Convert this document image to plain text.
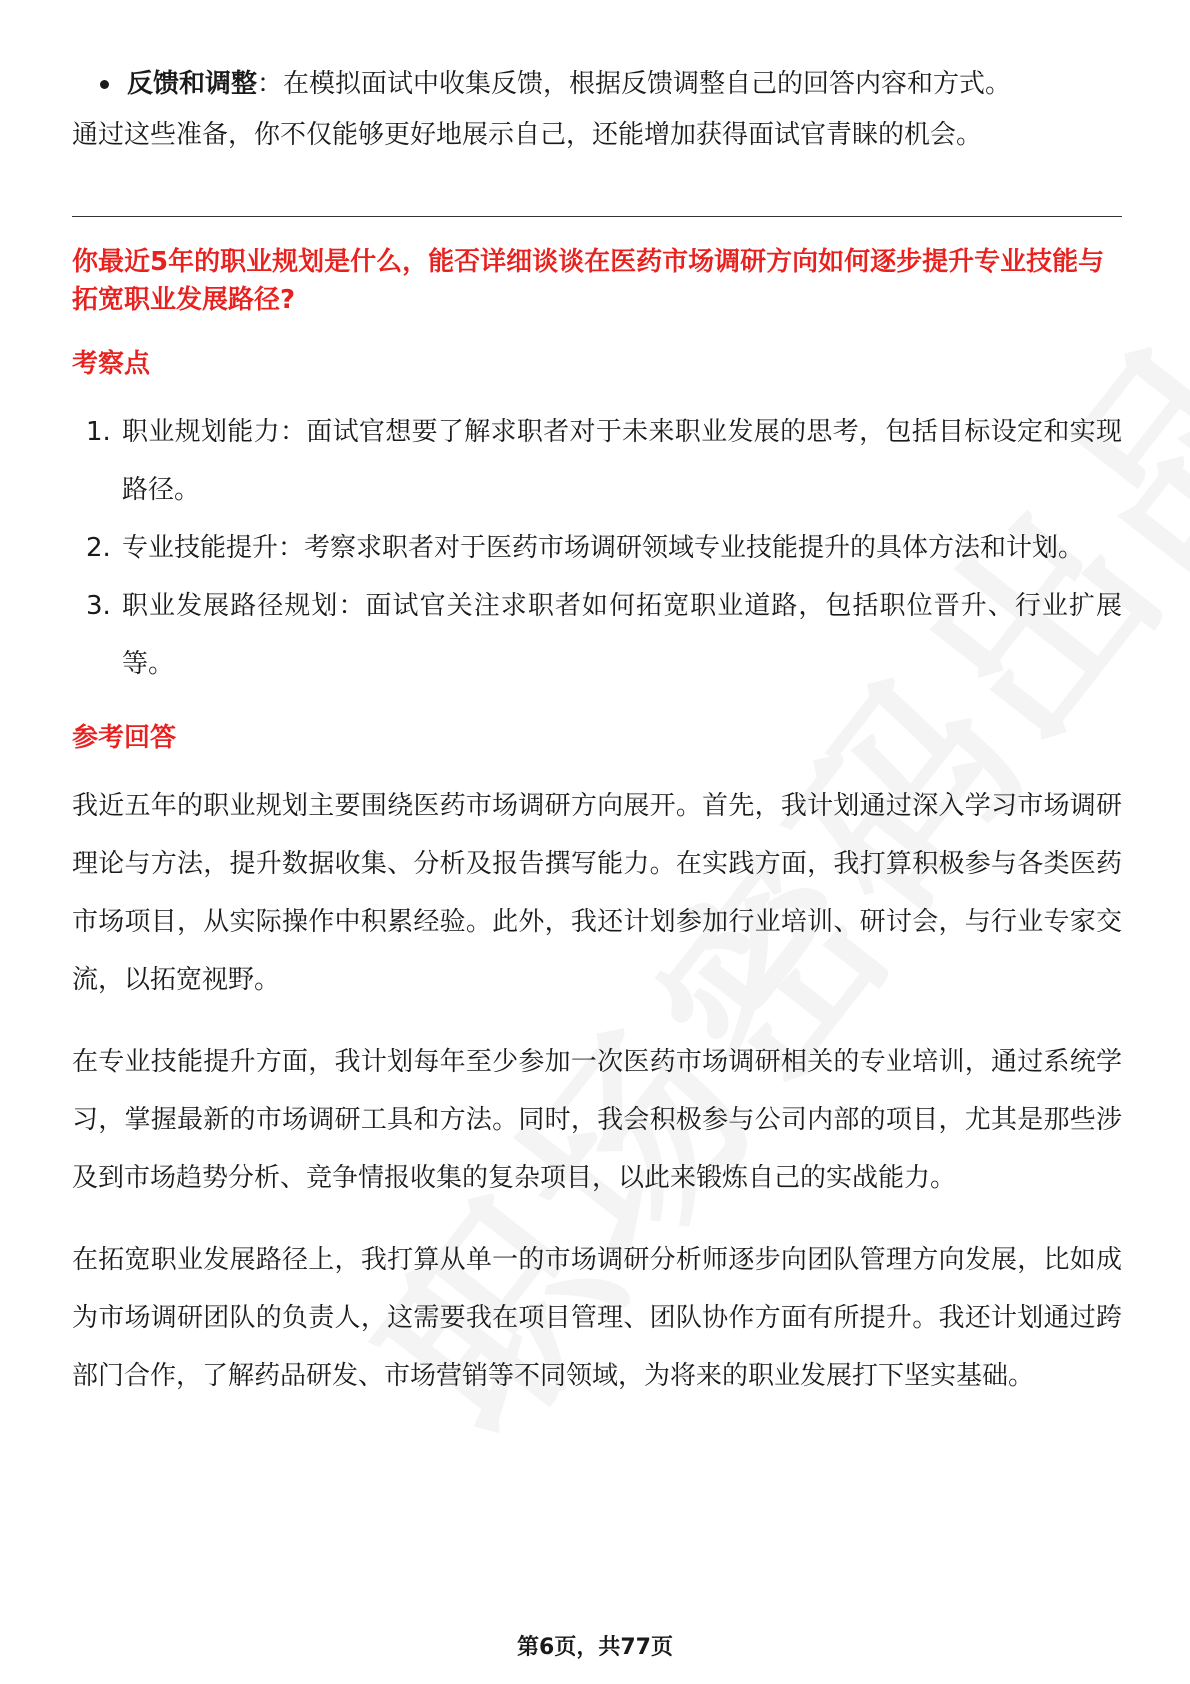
反馈和调整：在模拟面试中收集反馈，根据反馈调整自己的回答内容和方式。

通过这些准备，你不仅能够更好地展示自己，还能增加获得面试官青睐的机会。

你最近5年的职业规划是什么，能否详细谈谈在医药市场调研方向如何逐步提升专业技能与拓宽职业发展路径?

考察点
1. 职业规划能力：面试官想要了解求职者对于未来职业发展的思考，包括目标设定和实现路径。
2. 专业技能提升：考察求职者对于医药市场调研领域专业技能提升的具体方法和计划。
3. 职业发展路径规划：面试官关注求职者如何拓宽职业道路，包括职位晋升、行业扩展等。
参考回答

我近五年的职业规划主要围绕医药市场调研方向展开。首先，我计划通过深入学习市场调研理论与方法，提升数据收集、分析及报告撰写能力。在实践方面，我打算积极参与各类医药市场项目，从实际操作中积累经验。此外，我还计划参加行业培训、研讨会，与行业专家交流，以拓宽视野。

在专业技能提升方面，我计划每年至少参加一次医药市场调研相关的专业培训，通过系统学习，掌握最新的市场调研工具和方法。同时，我会积极参与公司内部的项目，尤其是那些涉及到市场趋势分析、竞争情报收集的复杂项目，以此来锻炼自己的实战能力。

在拓宽职业发展路径上，我打算从单一的市场调研分析师逐步向团队管理方向发展，比如成为市场调研团队的负责人，这需要我在项目管理、团队协作方面有所提升。我还计划通过跨部门合作，了解药品研发、市场营销等不同领域，为将来的职业发展打下坚实基础。

第6页，共77页
